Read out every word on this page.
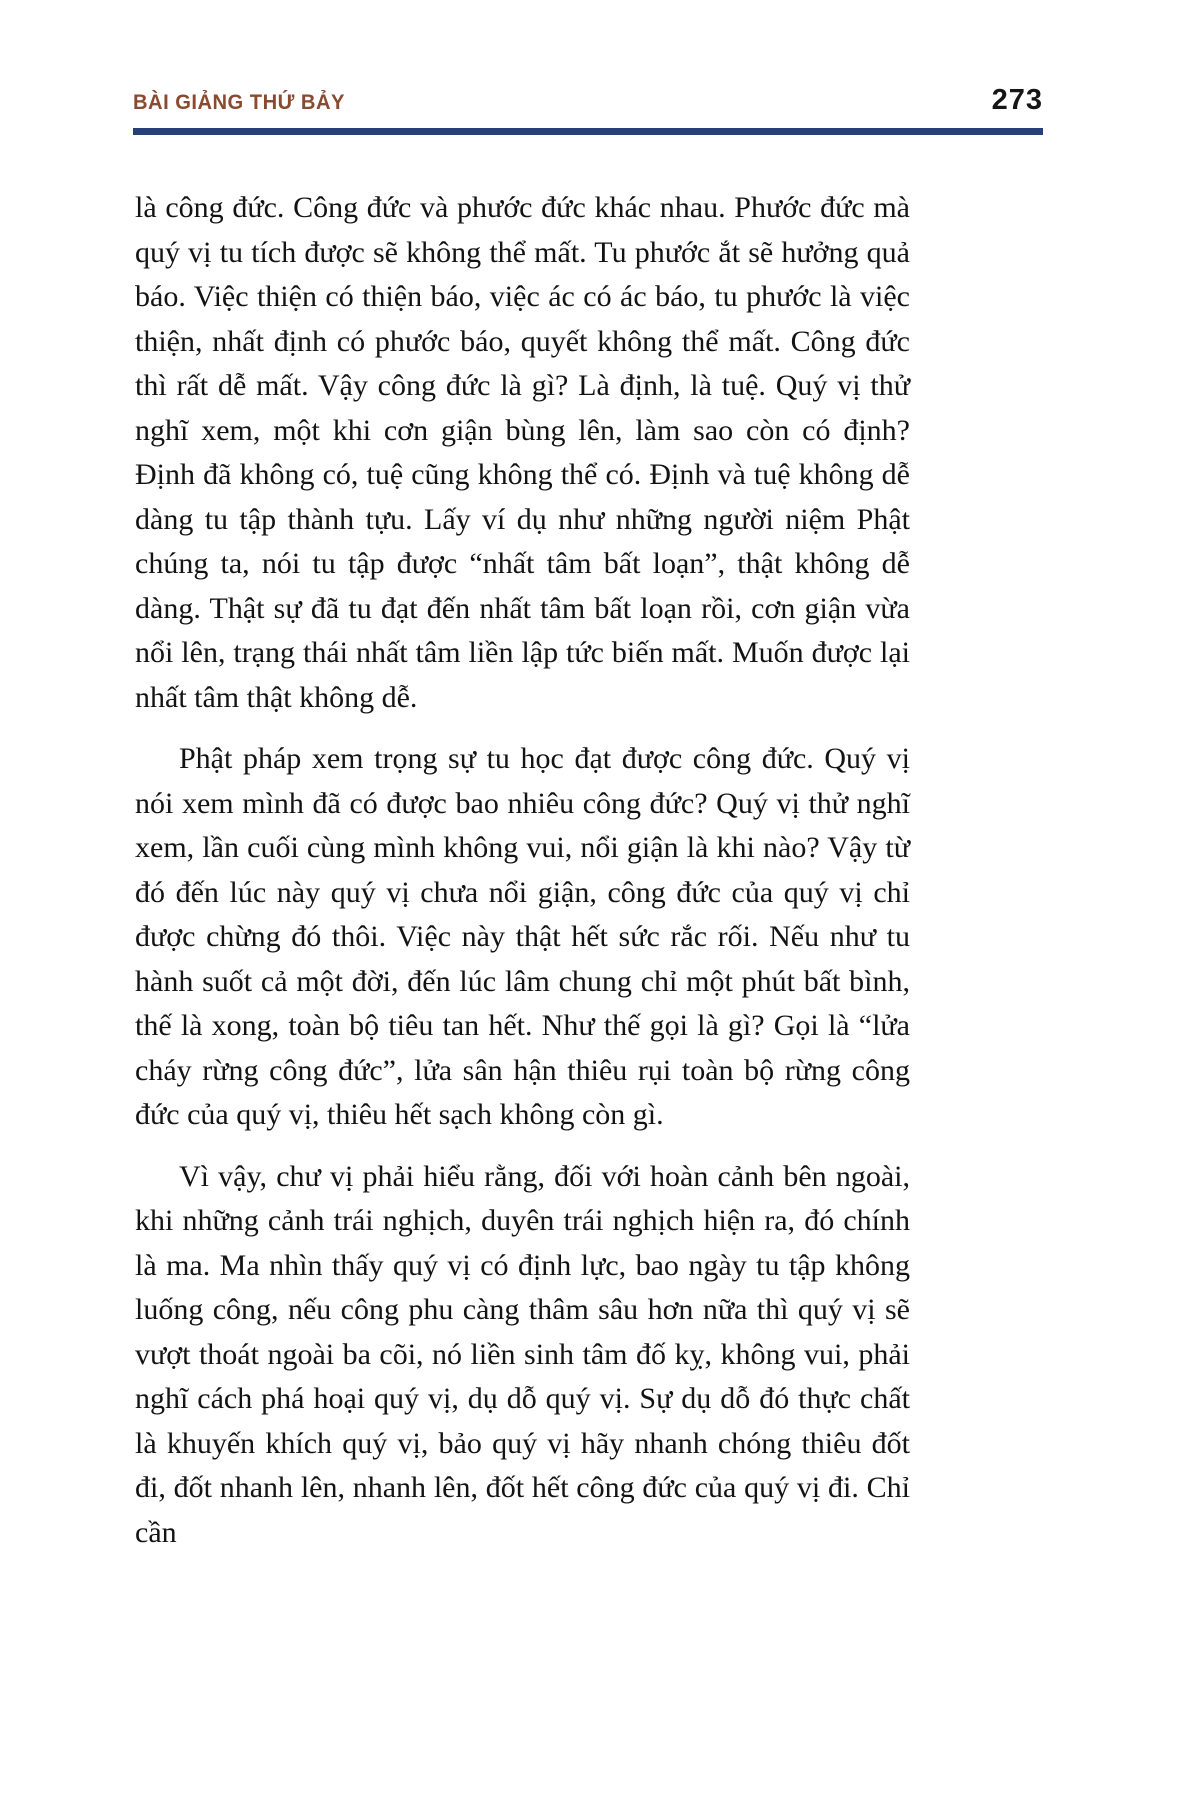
BÀI GIẢNG THỨ BẢY	273

là công đức. Công đức và phước đức khác nhau. Phước đức mà quý vị tu tích được sẽ không thể mất. Tu phước ắt sẽ hưởng quả báo. Việc thiện có thiện báo, việc ác có ác báo, tu phước là việc thiện, nhất định có phước báo, quyết không thể mất. Công đức thì rất dễ mất. Vậy công đức là gì? Là định, là tuệ. Quý vị thử nghĩ xem, một khi cơn giận bùng lên, làm sao còn có định? Định đã không có, tuệ cũng không thể có. Định và tuệ không dễ dàng tu tập thành tựu. Lấy ví dụ như những người niệm Phật chúng ta, nói tu tập được “nhất tâm bất loạn”, thật không dễ dàng. Thật sự đã tu đạt đến nhất tâm bất loạn rồi, cơn giận vừa nổi lên, trạng thái nhất tâm liền lập tức biến mất. Muốn được lại nhất tâm thật không dễ.

Phật pháp xem trọng sự tu học đạt được công đức. Quý vị nói xem mình đã có được bao nhiêu công đức? Quý vị thử nghĩ xem, lần cuối cùng mình không vui, nổi giận là khi nào? Vậy từ đó đến lúc này quý vị chưa nổi giận, công đức của quý vị chỉ được chừng đó thôi. Việc này thật hết sức rắc rối. Nếu như tu hành suốt cả một đời, đến lúc lâm chung chỉ một phút bất bình, thế là xong, toàn bộ tiêu tan hết. Như thế gọi là gì? Gọi là “lửa cháy rừng công đức”, lửa sân hận thiêu rụi toàn bộ rừng công đức của quý vị, thiêu hết sạch không còn gì.

Vì vậy, chư vị phải hiểu rằng, đối với hoàn cảnh bên ngoài, khi những cảnh trái nghịch, duyên trái nghịch hiện ra, đó chính là ma. Ma nhìn thấy quý vị có định lực, bao ngày tu tập không luống công, nếu công phu càng thâm sâu hơn nữa thì quý vị sẽ vượt thoát ngoài ba cõi, nó liền sinh tâm đố kỵ, không vui, phải nghĩ cách phá hoại quý vị, dụ dỗ quý vị. Sự dụ dỗ đó thực chất là khuyến khích quý vị, bảo quý vị hãy nhanh chóng thiêu đốt đi, đốt nhanh lên, nhanh lên, đốt hết công đức của quý vị đi. Chỉ cần
